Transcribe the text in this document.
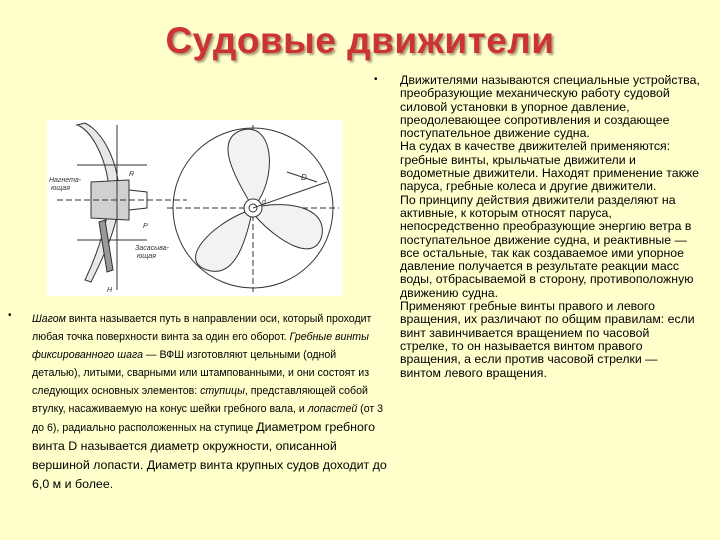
Судовые движители
Нагнета-
ющая
Засасыва-
ющая
R
P
H
D
d
• Движителями называются специальные устройства, преобразующие механическую работу судовой силовой установки в упорное давление, преодолевающее сопротивления и создающее поступательное движение судна.

На судах в качестве движителей применяются: гребные винты, крыльчатые движители и водометные движители. Находят применение также паруса, гребные колеса и другие движители.

По принципу действия движители разделяют на активные, к которым относят паруса, непосредственно преобразующие энергию ветра в поступательное движение судна, и реактивные — все остальные, так как создаваемое ими упорное давление получается в результате реакции масс воды, отбрасываемой в сторону, противоположную движению судна.

Применяют гребные винты правого и левого вращения, их различают по общим правилам: если винт завинчивается вращением по часовой стрелке, то он называется винтом правого вращения, а если против часовой стрелки — винтом левого вращения.

• Шагом винта называется путь в направлении оси, который проходит любая точка поверхности винта за один его оборот. Гребные винты фиксированного шага — ВФШ изготовляют цельными (одной деталью), литыми, сварными или штампованными, и они состоят из следующих основных элементов: ступицы, представляющей собой втулку, насаживаемую на конус шейки гребного вала, и лопастей (от 3 до 6), радиально расположенных на ступице Диаметром гребного винта D называется диаметр окружности, описанной вершиной лопасти. Диаметр винта крупных судов доходит до 6,0 м и более.
